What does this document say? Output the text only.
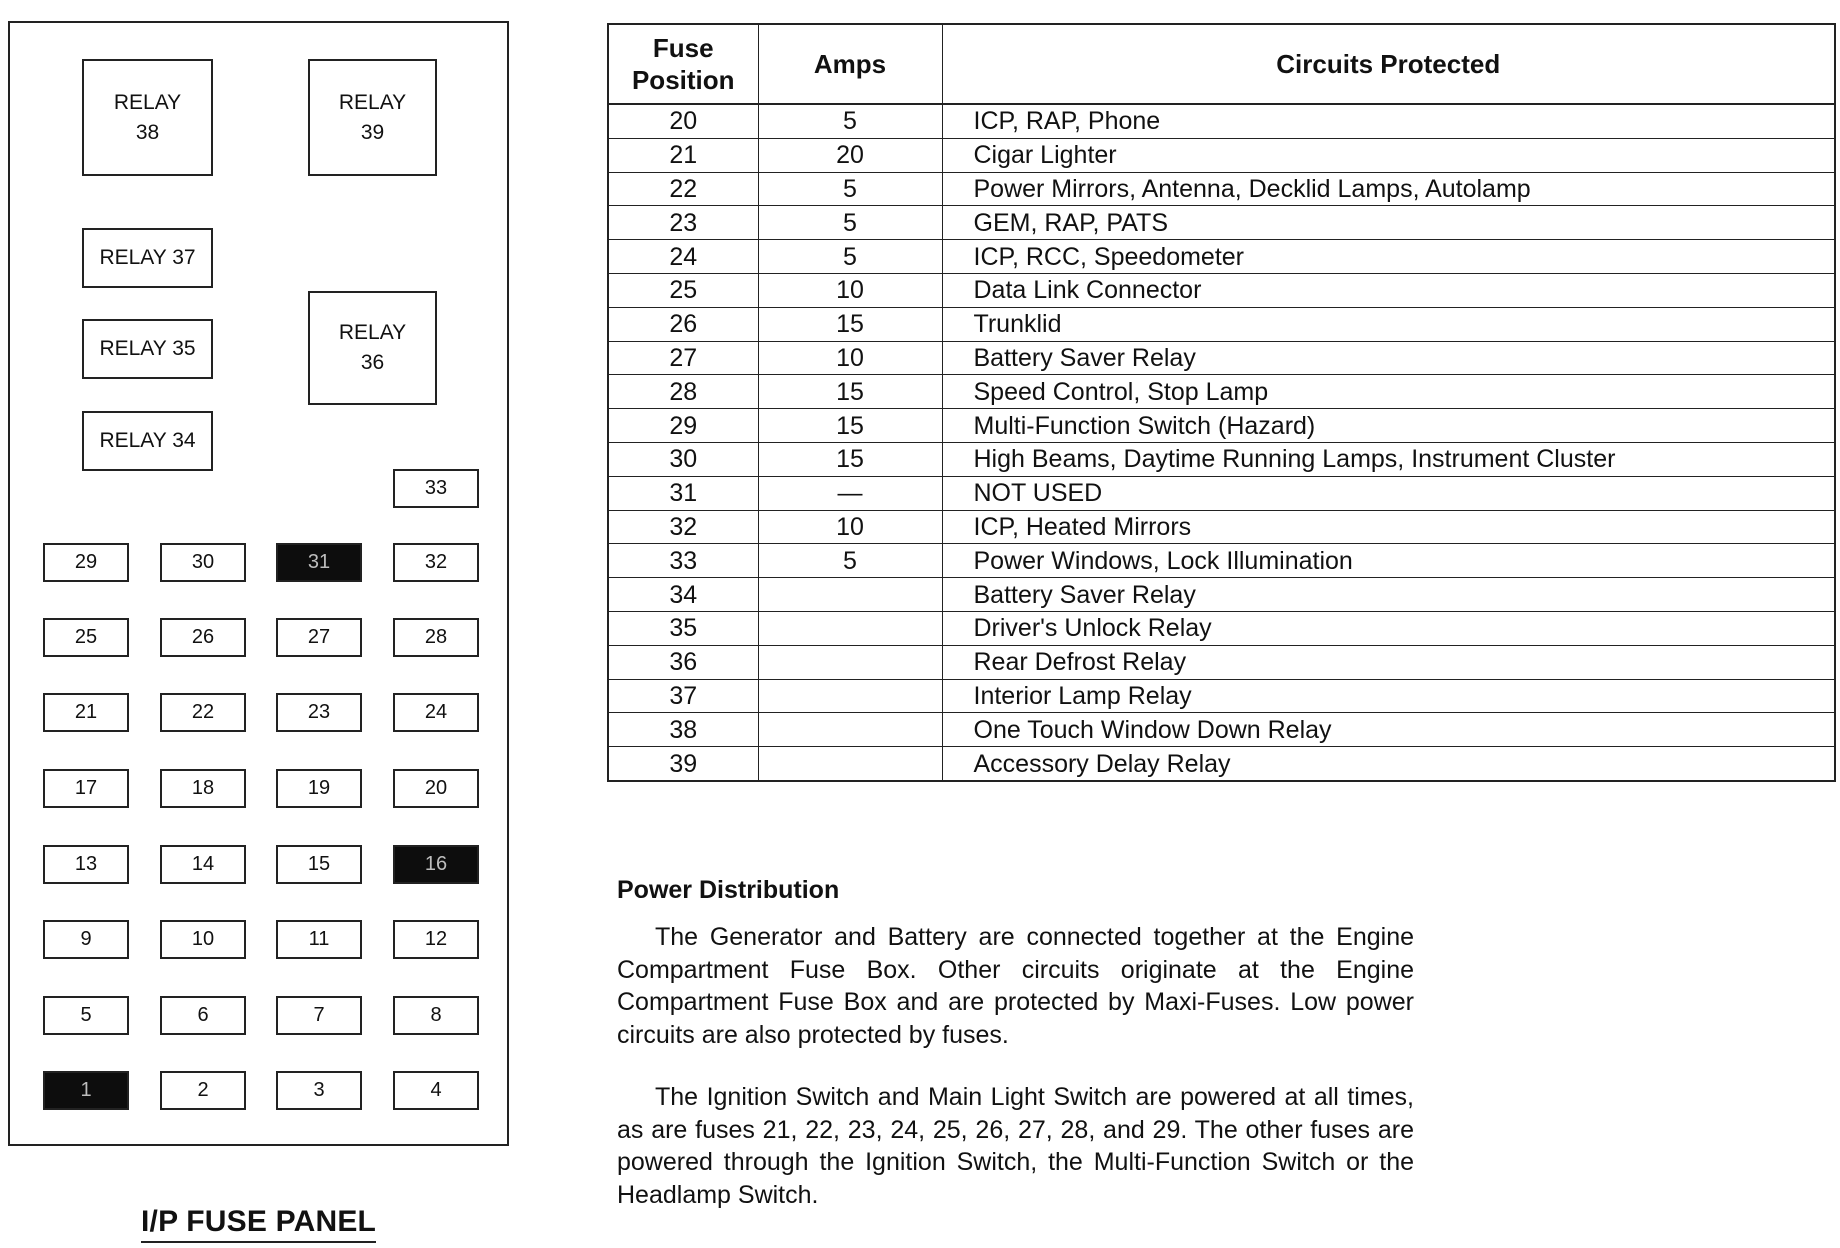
RELAY
38
RELAY
39
RELAY 37
RELAY 35
RELAY
36
RELAY 34
33
29	30	31	32
25	26	27	28
21	22	23	24
17	18	19	20
13	14	15	16
9	10	11	12
5	6	7	8
1	2	3	4
I/P FUSE PANEL
Fuse
Position	Amps	Circuits Protected
20	5	ICP, RAP, Phone
21	20	Cigar Lighter
22	5	Power Mirrors, Antenna, Decklid Lamps, Autolamp
23	5	GEM, RAP, PATS
24	5	ICP, RCC, Speedometer
25	10	Data Link Connector
26	15	Trunklid
27	10	Battery Saver Relay
28	15	Speed Control, Stop Lamp
29	15	Multi-Function Switch (Hazard)
30	15	High Beams, Daytime Running Lamps, Instrument Cluster
31	—	NOT USED
32	10	ICP, Heated Mirrors
33	5	Power Windows, Lock Illumination
34		Battery Saver Relay
35		Driver's Unlock Relay
36		Rear Defrost Relay
37		Interior Lamp Relay
38		One Touch Window Down Relay
39		Accessory Delay Relay
Power Distribution

The Generator and Battery are connected together at the Engine Compartment Fuse Box. Other circuits originate at the Engine Compartment Fuse Box and are protected by Maxi-Fuses. Low power circuits are also protected by fuses.

The Ignition Switch and Main Light Switch are powered at all times, as are fuses 21, 22, 23, 24, 25, 26, 27, 28, and 29. The other fuses are powered through the Ignition Switch, the Multi-Function Switch or the Headlamp Switch.
